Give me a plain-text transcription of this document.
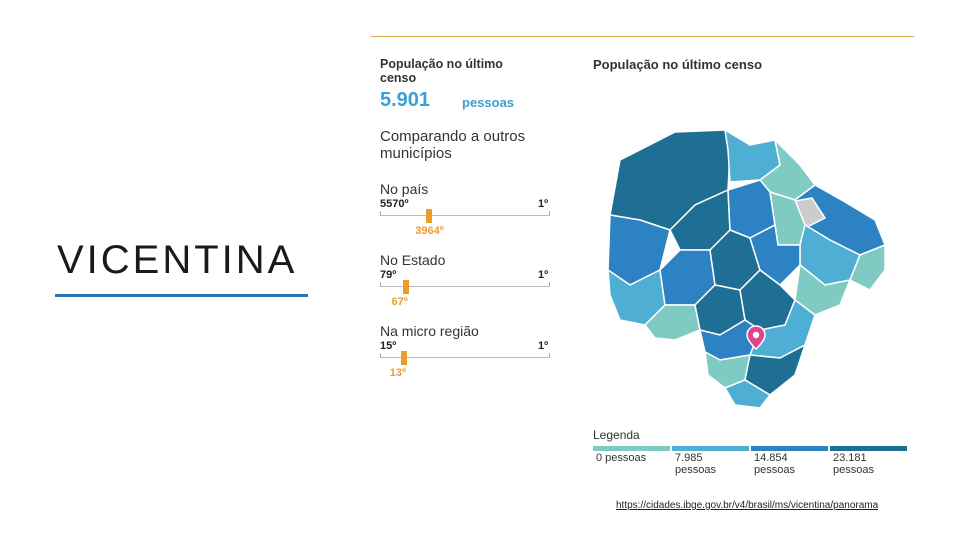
VICENTINA
População no último censo
5.901 pessoas
Comparando a outros municípios
No país
5570º	1º
3964º
No Estado
79º	1º
67º
Na micro região
15º	1º
13º
População no último censo
Legenda
0 pessoas	7.985
pessoas
14.854
pessoas
23.181
pessoas
https://cidades.ibge.gov.br/v4/brasil/ms/vicentina/panorama
